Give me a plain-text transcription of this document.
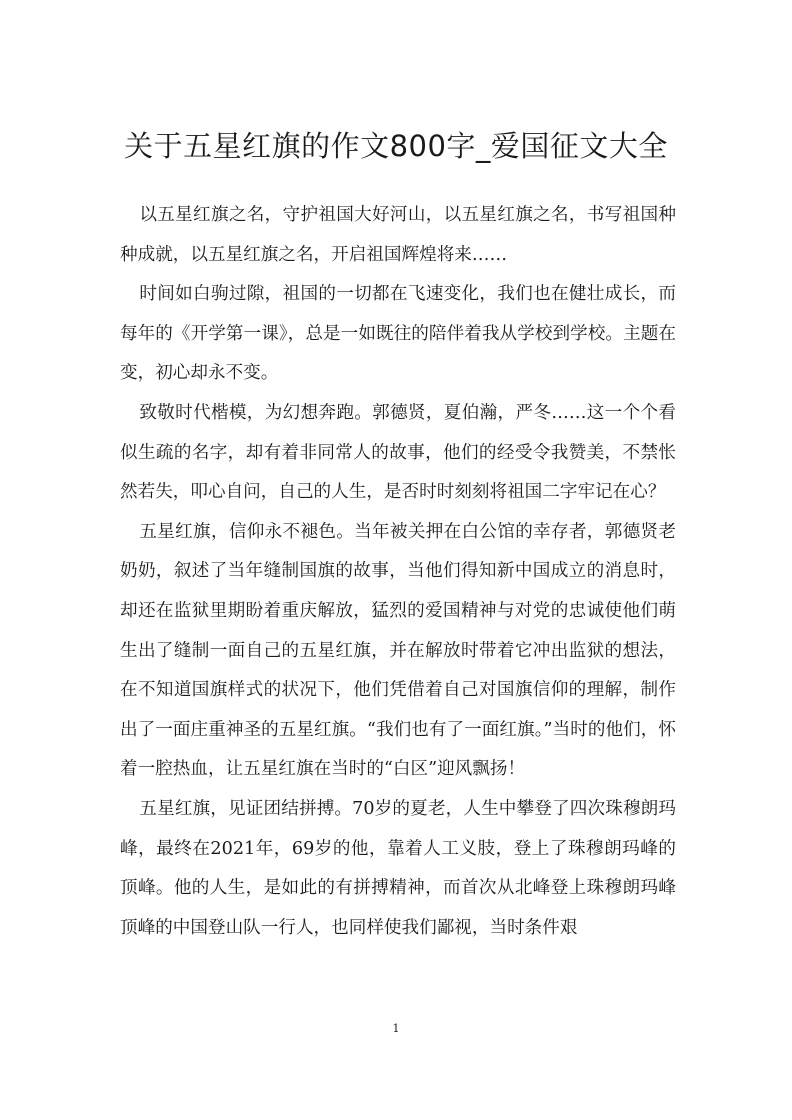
关于五星红旗的作文800字_爱国征文大全

以五星红旗之名，守护祖国大好河山，以五星红旗之名，书写祖国种种成就，以五星红旗之名，开启祖国辉煌将来……

时间如白驹过隙，祖国的一切都在飞速变化，我们也在健壮成长，而每年的《开学第一课》，总是一如既往的陪伴着我从学校到学校。主题在变，初心却永不变。

致敬时代楷模，为幻想奔跑。郭德贤，夏伯瀚，严冬……这一个个看似生疏的名字，却有着非同常人的故事，他们的经受令我赞美，不禁怅然若失，叩心自问，自己的人生，是否时时刻刻将祖国二字牢记在心？

五星红旗，信仰永不褪色。当年被关押在白公馆的幸存者，郭德贤老奶奶，叙述了当年缝制国旗的故事，当他们得知新中国成立的消息时，却还在监狱里期盼着重庆解放，猛烈的爱国精神与对党的忠诚使他们萌生出了缝制一面自己的五星红旗，并在解放时带着它冲出监狱的想法，在不知道国旗样式的状况下，他们凭借着自己对国旗信仰的理解，制作出了一面庄重神圣的五星红旗。“我们也有了一面红旗。”当时的他们，怀着一腔热血，让五星红旗在当时的“白区”迎风飘扬！

五星红旗，见证团结拼搏。70岁的夏老，人生中攀登了四次珠穆朗玛峰，最终在2021年，69岁的他，靠着人工义肢，登上了珠穆朗玛峰的顶峰。他的人生，是如此的有拼搏精神，而首次从北峰登上珠穆朗玛峰顶峰的中国登山队一行人，也同样使我们鄙视，当时条件艰

1
